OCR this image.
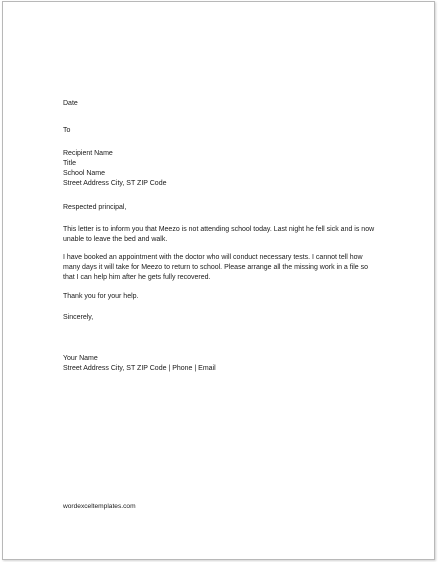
Date
To
Recipient Name
Title
School Name
Street Address City, ST ZIP Code
Respected principal,
This letter is to inform you that Meezo is not attending school today. Last night he fell sick and is now unable to leave the bed and walk.
I have booked an appointment with the doctor who will conduct necessary tests. I cannot tell how many days it will take for Meezo to return to school. Please arrange all the missing work in a file so that I can help him after he gets fully recovered.
Thank you for your help.
Sincerely,
Your Name
Street Address City, ST ZIP Code | Phone | Email
wordexceltemplates.com
